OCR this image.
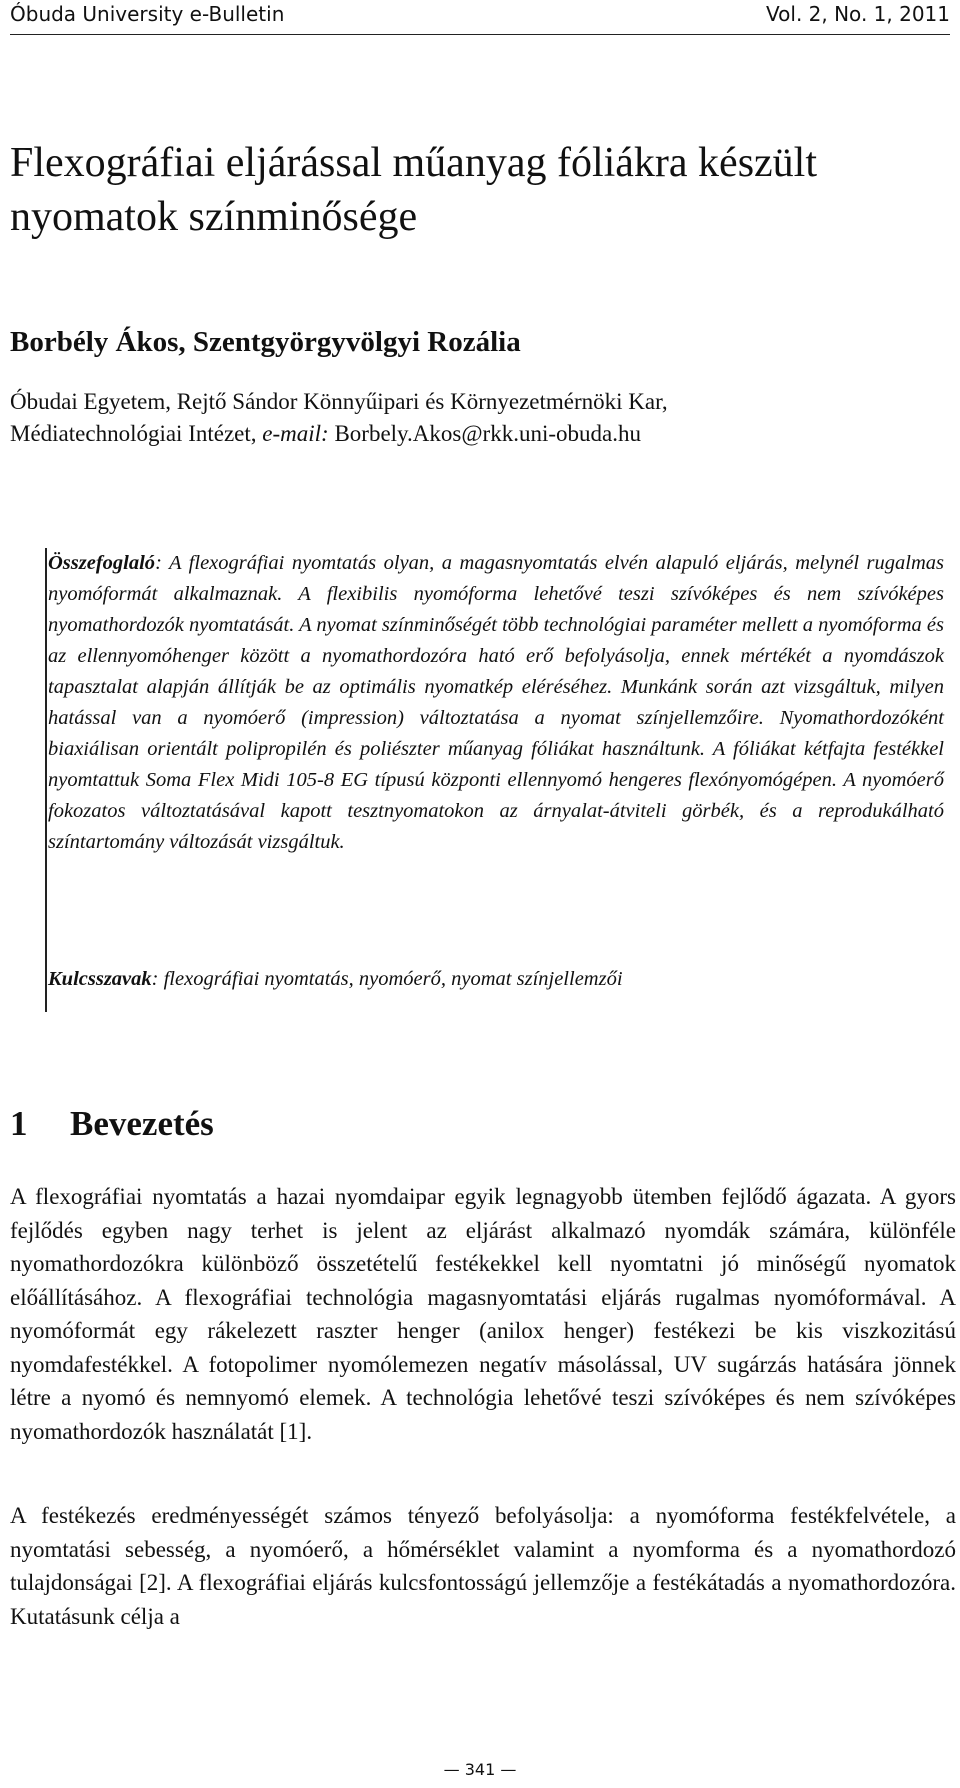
Óbuda University e-Bulletin	Vol. 2, No. 1, 2011
Flexográfiai eljárással műanyag fóliákra készült nyomatok színminősége
Borbély Ákos, Szentgyörgyvölgyi Rozália
Óbudai Egyetem, Rejtő Sándor Könnyűipari és Környezetmérnöki Kar,
Médiatechnológiai Intézet, e-mail: Borbely.Akos@rkk.uni-obuda.hu
Összefoglaló: A flexográfiai nyomtatás olyan, a magasnyomtatás elvén alapuló eljárás, melynél rugalmas nyomóformát alkalmaznak. A flexibilis nyomóforma lehetővé teszi szívóképes és nem szívóképes nyomathordozók nyomtatását. A nyomat színminőségét több technológiai paraméter mellett a nyomóforma és az ellennyomóhenger között a nyomathordozóra ható erő befolyásolja, ennek mértékét a nyomdászok tapasztalat alapján állítják be az optimális nyomatkép eléréséhez. Munkánk során azt vizsgáltuk, milyen hatással van a nyomóerő (impression) változtatása a nyomat színjellemzőire. Nyomathordozóként biaxiálisan orientált polipropilén és poliészter műanyag fóliákat használtunk. A fóliákat kétfajta festékkel nyomtattuk Soma Flex Midi 105-8 EG típusú központi ellennyomó hengeres flexónyomógépen. A nyomóerő fokozatos változtatásával kapott tesztnyomatokon az árnyalat-átviteli görbék, és a reprodukálható színtartomány változását vizsgáltuk.
Kulcsszavak: flexográfiai nyomtatás, nyomóerő, nyomat színjellemzői
1 Bevezetés
A flexográfiai nyomtatás a hazai nyomdaipar egyik legnagyobb ütemben fejlődő ágazata. A gyors fejlődés egyben nagy terhet is jelent az eljárást alkalmazó nyomdák számára, különféle nyomathordozókra különböző összetételű festékekkel kell nyomtatni jó minőségű nyomatok előállításához. A flexográfiai technológia magasnyomtatási eljárás rugalmas nyomóformával. A nyomóformát egy rákelezett raszter henger (anilox henger) festékezi be kis viszkozitású nyomdafestékkel. A fotopolimer nyomólemezen negatív másolással, UV sugárzás hatására jönnek létre a nyomó és nemnyomó elemek. A technológia lehetővé teszi szívóképes és nem szívóképes nyomathordozók használatát [1].
A festékezés eredményességét számos tényező befolyásolja: a nyomóforma festékfelvétele, a nyomtatási sebesség, a nyomóerő, a hőmérséklet valamint a nyomforma és a nyomathordozó tulajdonságai [2]. A flexográfiai eljárás kulcsfontosságú jellemzője a festékátadás a nyomathordozóra. Kutatásunk célja a
— 341 —
